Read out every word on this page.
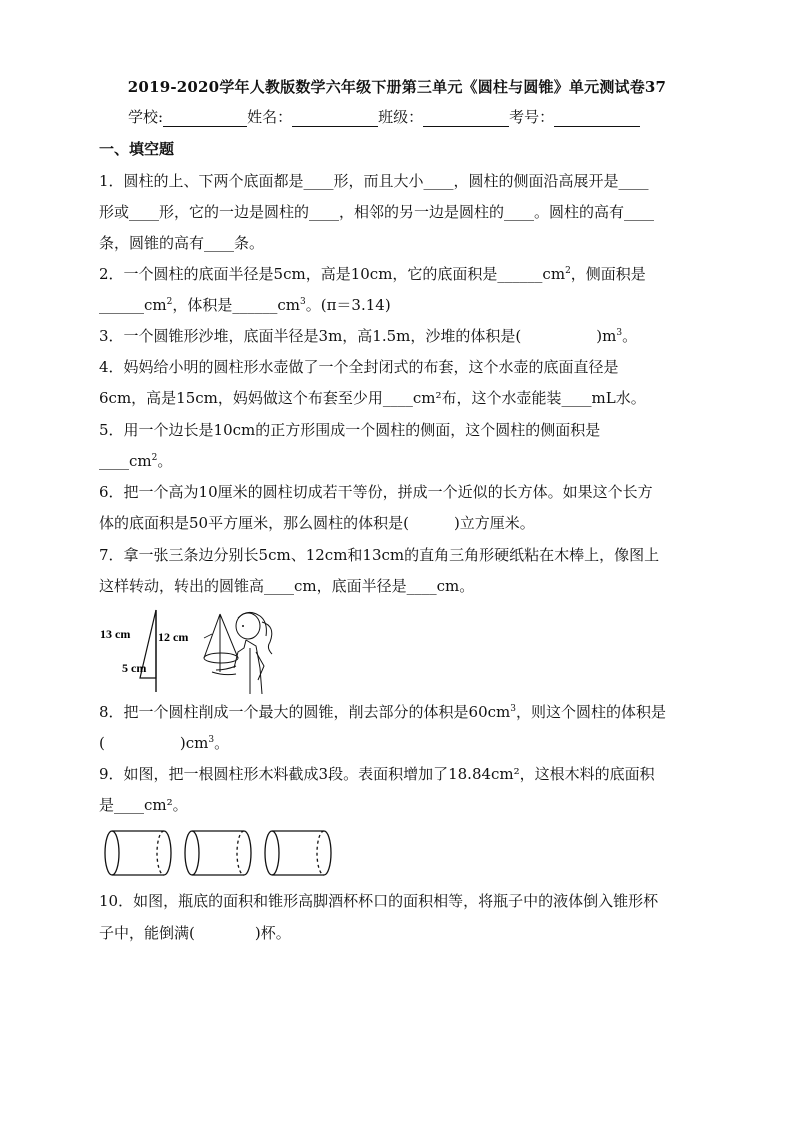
2019-2020学年人教版数学六年级下册第三单元《圆柱与圆锥》单元测试卷37
学校:	姓名：	班级：	考号：
一、填空题
1．圆柱的上、下两个底面都是____形，而且大小____，圆柱的侧面沿高展开是____
形或____形，它的一边是圆柱的____，相邻的另一边是圆柱的____。圆柱的高有____
条，圆锥的高有____条。
2．一个圆柱的底面半径是5cm，高是10cm，它的底面积是$\_\_\_\_\_\_cm^2$，侧面积是
$\_\_\_\_\_\_cm^2$，体积是$\_\_\_\_\_\_cm^3$。(π＝3.14)
3．一个圆锥形沙堆，底面半径是3m，高1.5m，沙堆的体积是(　　　　　)$m^3$。
4．妈妈给小明的圆柱形水壶做了一个全封闭式的布套，这个水壶的底面直径是
6cm，高是15cm，妈妈做这个布套至少用____cm²布，这个水壶能装____mL水。
5．用一个边长是10cm的正方形围成一个圆柱的侧面，这个圆柱的侧面积是
$\_\_\_\_cm^2$。
6．把一个高为10厘米的圆柱切成若干等份，拼成一个近似的长方体。如果这个长方
体的底面积是50平方厘米，那么圆柱的体积是(　　　)立方厘米。
7．拿一张三条边分别长5cm、12cm和13cm的直角三角形硬纸粘在木棒上，像图上
这样转动，转出的圆锥高____cm，底面半径是____cm。
13 cm 12 cm
5 cm
8．把一个圆柱削成一个最大的圆锥，削去部分的体积是$60cm^3$，则这个圆柱的体积是
(　　　　　)$cm^3$。
9．如图，把一根圆柱形木料截成3段。表面积增加了18.84cm²，这根木料的底面积
是____cm²。
10．如图，瓶底的面积和锥形高脚酒杯杯口的面积相等，将瓶子中的液体倒入锥形杯
子中，能倒满(　　　　)杯。
